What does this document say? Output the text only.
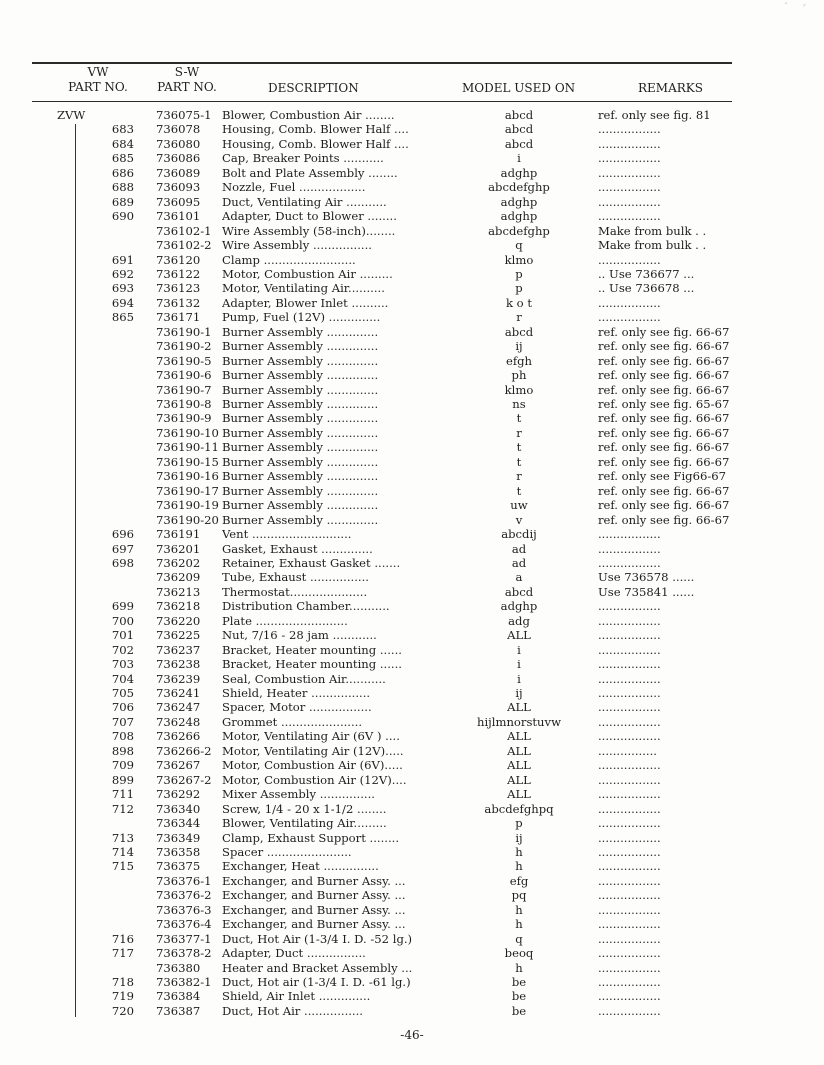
ˇ      ʳ
VW
PART NO.
S-W
PART NO.	DESCRIPTION	MODEL USED ON	REMARKS
ZVW	736075-1 Blower, Combustion Air ........	abcd	ref. only see fig. 81
683 736078 Housing, Comb. Blower Half ....	abcd	.................
684 736080 Housing, Comb. Blower Half ....	abcd	.................
685 736086 Cap, Breaker Points ...........	i	.................
686 736089 Bolt and Plate Assembly ........	adghp	.................
688 736093 Nozzle, Fuel ..................	abcdefghp	.................
689 736095 Duct, Ventilating Air ...........	adghp	.................
690 736101 Adapter, Duct to Blower ........	adghp	.................
736102-1 Wire Assembly (58-inch)........	abcdefghp	Make from bulk . .
736102-2 Wire Assembly ................	q	Make from bulk . .
691 736120 Clamp .........................	klmo	.................
692 736122 Motor, Combustion Air .........	p	.. Use 736677 ...
693 736123 Motor, Ventilating Air..........	p	.. Use 736678 ...
694 736132 Adapter, Blower Inlet ..........	k o t	.................
865 736171 Pump, Fuel (12V) ..............	r	.................
736190-1 Burner Assembly ..............	abcd	ref. only see fig. 66-67
736190-2 Burner Assembly ..............	ij	ref. only see fig. 66-67
736190-5 Burner Assembly ..............	efgh	ref. only see fig. 66-67
736190-6 Burner Assembly ..............	ph	ref. only see fig. 66-67
736190-7 Burner Assembly ..............	klmo	ref. only see fig. 66-67
736190-8 Burner Assembly ..............	ns	ref. only see fig. 65-67
736190-9 Burner Assembly ..............	t	ref. only see fig. 66-67
736190-10 Burner Assembly ..............	r	ref. only see fig. 66-67
736190-11 Burner Assembly ..............	t	ref. only see fig. 66-67
736190-15 Burner Assembly ..............	t	ref. only see fig. 66-67
736190-16 Burner Assembly ..............	r	ref. only see Fig66-67
736190-17 Burner Assembly ..............	t	ref. only see fig. 66-67
736190-19 Burner Assembly ..............	uw	ref. only see fig. 66-67
736190-20 Burner Assembly ..............	v	ref. only see fig. 66-67
696 736191 Vent ...........................	abcdij	.................
697 736201 Gasket, Exhaust ..............	ad	.................
698 736202 Retainer, Exhaust Gasket .......	ad	.................
736209 Tube, Exhaust ................	a	Use 736578 ......
736213 Thermostat.....................	abcd	Use 735841 ......
699 736218 Distribution Chamber...........	adghp	.................
700 736220 Plate .........................	adg	.................
701 736225 Nut, 7/16 - 28 jam ............	ALL	.................
702 736237 Bracket, Heater mounting ......	i	.................
703 736238 Bracket, Heater mounting ......	i	.................
704 736239 Seal, Combustion Air...........	i	.................
705 736241 Shield, Heater ................	ij	.................
706 736247 Spacer, Motor .................	ALL	.................
707 736248 Grommet ......................	hijlmnorstuvw	.................
708 736266 Motor, Ventilating Air (6V ) ....	ALL	.................
898 736266-2 Motor, Ventilating Air (12V).....	ALL	................
709 736267 Motor, Combustion Air (6V).....	ALL	.................
899 736267-2 Motor, Combustion Air (12V)....	ALL	.................
711 736292 Mixer Assembly ...............	ALL	.................
712 736340 Screw, 1/4 - 20 x 1-1/2 ........	abcdefghpq	.................
736344 Blower, Ventilating Air.........	p	.................
713 736349 Clamp, Exhaust Support ........	ij	.................
714 736358 Spacer .......................	h	.................
715 736375 Exchanger, Heat ...............	h	.................
736376-1 Exchanger, and Burner Assy. ...	efg	.................
736376-2 Exchanger, and Burner Assy. ...	pq	.................
736376-3 Exchanger, and Burner Assy. ...	h	.................
736376-4 Exchanger, and Burner Assy. ...	h	.................
716 736377-1 Duct, Hot Air (1-3/4 I. D. -52 lg.)	q	.................
717 736378-2 Adapter, Duct ................	beoq	.................
736380 Heater and Bracket Assembly ...	h	.................
718 736382-1 Duct, Hot air (1-3/4 I. D. -61 lg.)	be	.................
719 736384 Shield, Air Inlet ..............	be	.................
720 736387 Duct, Hot Air ................	be	.................
-46-
